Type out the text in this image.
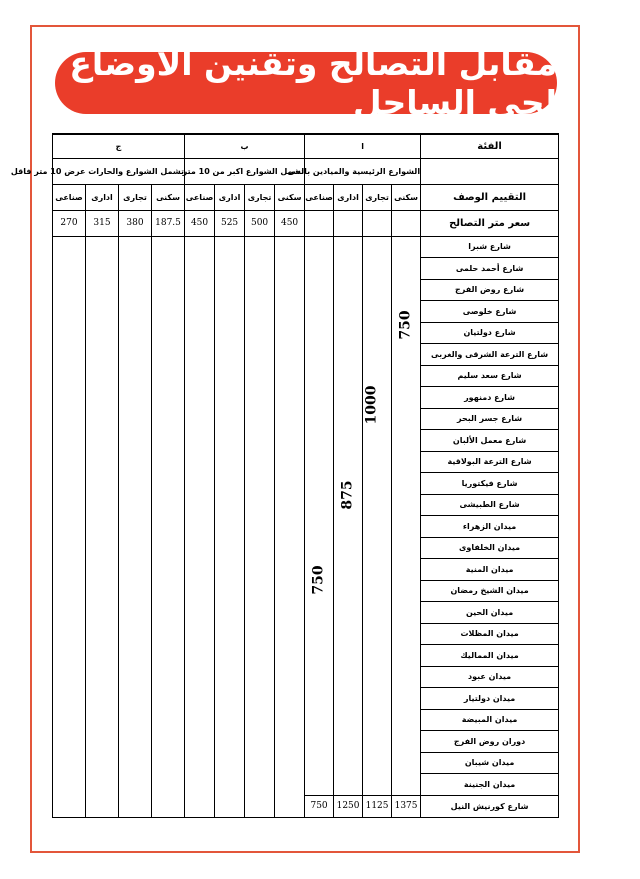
مقابل التصالح وتقنين الأوضاع لحى الساحل
الفئة	ا				ب				ج			
	الشوارع الرئيسية والميادين بالحى				تشمل الشوارع اكبر من 10 متر				تشمل الشوارع والحارات عرض 10 متر فاقل			
التقييم الوصف	سكنى	تجارى	ادارى	صناعى	سكنى	تجارى	ادارى	صناعى	سكنى	تجارى	ادارى	صناعى
سعر متر التصالح					450	500	525	450	187.5	380	315	270
شارع شبرا	750	1000	875	750								
شارع أحمد حلمى												
شارع روض الفرج												
شارع خلوصى												
شارع دولتيان												
شارع الترعة الشرقى والغربى												
شارع سعد سليم												
شارع دمنهور												
شارع جسر البحر												
شارع معمل الألبان												
شارع الترعة البولاقية												
شارع فيكتوريا												
شارع الطبيشى												
ميدان الزهراء												
ميدان الخلفاوى												
ميدان المنية												
ميدان الشيخ رمضان												
ميدان الحين												
ميدان المظلات												
ميدان المماليك												
ميدان عبود												
ميدان دولتيار												
ميدان المبيضة												
دوران روض الفرج												
ميدان شيبان												
ميدان الجنينة												
شارع كورنيش النيل	1375	1125	1250	750								
